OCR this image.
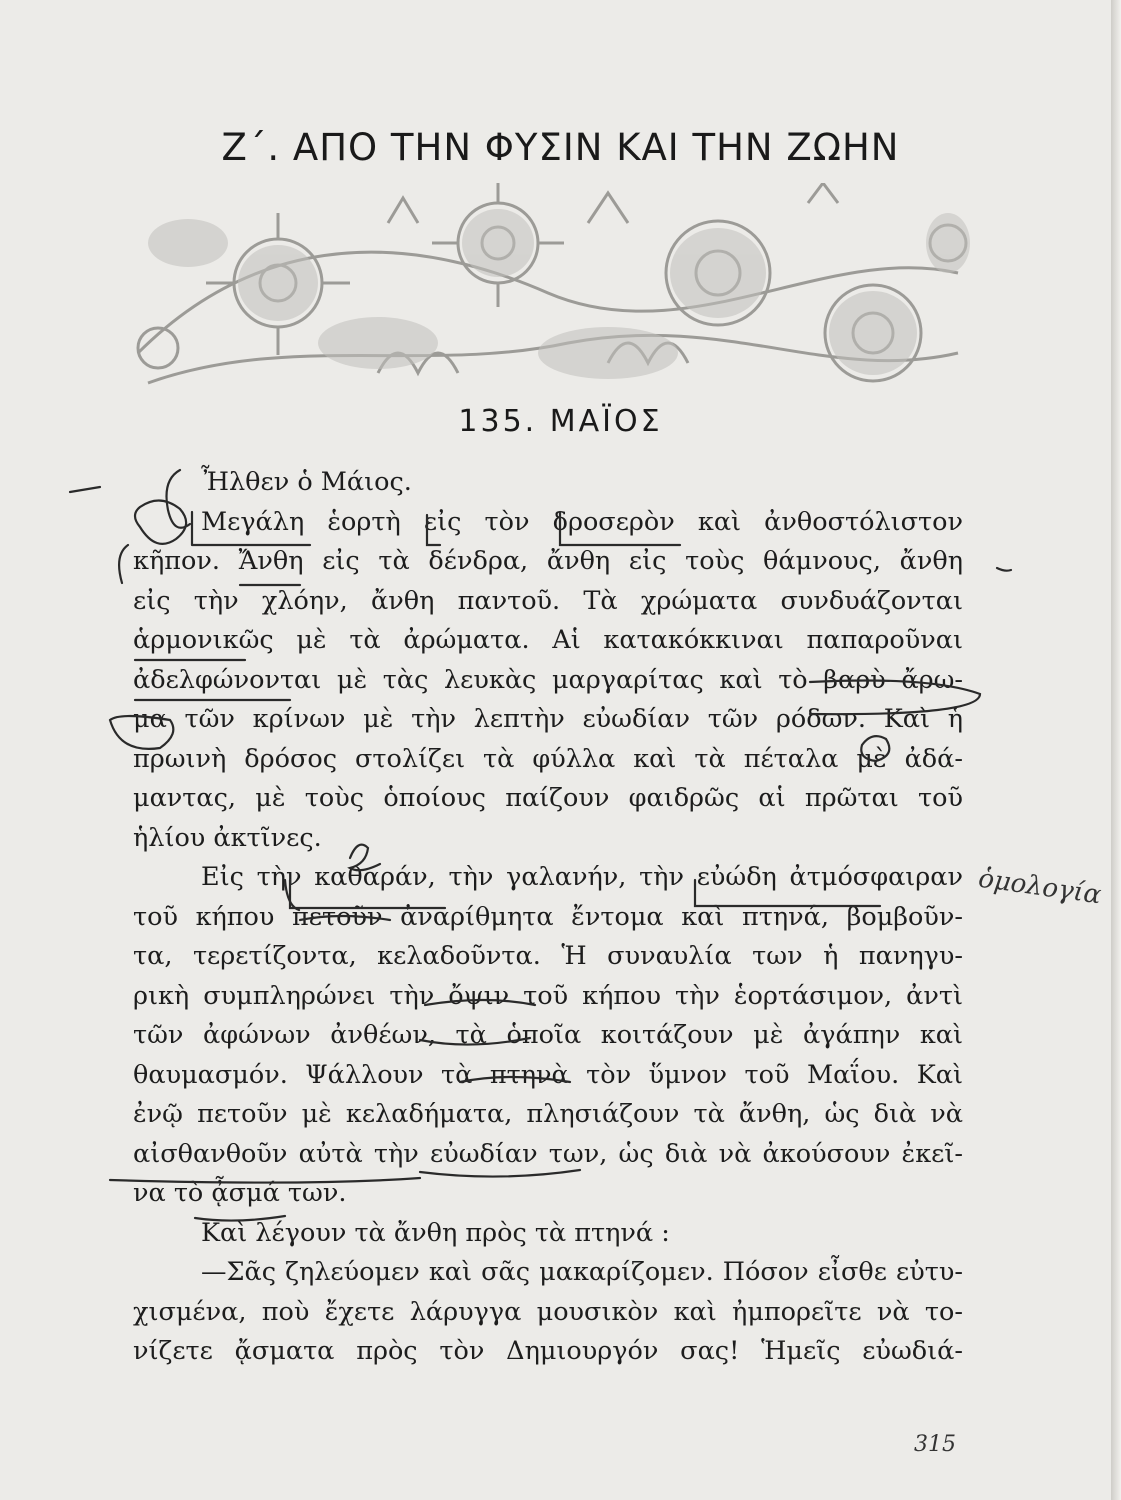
Ζ΄. ΑΠΟ ΤΗΝ ΦΥΣΙΝ ΚΑΙ ΤΗΝ ΖΩΗΝ
135. ΜΑΪΟΣ

Ἦλθεν ὁ Μάιος.

Μεγάλη ἑορτὴ εἰς τὸν δροσερὸν καὶ ἀνθοστόλιστον
κῆπον. Ἄνθη εἰς τὰ δένδρα, ἄνθη εἰς τοὺς θάμνους, ἄνθη
εἰς τὴν χλόην, ἄνθη παντοῦ. Τὰ χρώματα συνδυάζονται
ἁρμονικῶς μὲ τὰ ἀρώματα. Αἱ κατακόκκιναι παπαροῦναι
ἀδελφώνονται μὲ τὰς λευκὰς μαργαρίτας καὶ τὸ βαρὺ ἄρω-
μα τῶν κρίνων μὲ τὴν λεπτὴν εὐωδίαν τῶν ρόδων. Καὶ ἡ
πρωινὴ δρόσος στολίζει τὰ φύλλα καὶ τὰ πέταλα μὲ ἀδά-
μαντας, μὲ τοὺς ὁποίους παίζουν φαιδρῶς αἱ πρῶται τοῦ
ἡλίου ἀκτῖνες.

Εἰς τὴν καθαράν, τὴν γαλανήν, τὴν εὐώδη ἀτμόσφαιραν
τοῦ κήπου πετοῦν ἀναρίθμητα ἔντομα καὶ πτηνά, βομβοῦν-
τα, τερετίζοντα, κελαδοῦντα. Ἡ συναυλία των ἡ πανηγυ-
ρικὴ συμπληρώνει τὴν ὄψιν τοῦ κήπου τὴν ἑορτάσιμον, ἀντὶ
τῶν ἀφώνων ἀνθέων, τὰ ὁποῖα κοιτάζουν μὲ ἀγάπην καὶ
θαυμασμόν. Ψάλλουν τὰ πτηνὰ τὸν ὕμνον τοῦ Μαΐου. Καὶ
ἐνῷ πετοῦν μὲ κελαδήματα, πλησιάζουν τὰ ἄνθη, ὡς διὰ νὰ
αἰσθανθοῦν αὐτὰ τὴν εὐωδίαν των, ὡς διὰ νὰ ἀκούσουν ἐκεῖ-
να τὸ ᾆσμά των.

Καὶ λέγουν τὰ ἄνθη πρὸς τὰ πτηνά :

—Σᾶς ζηλεύομεν καὶ σᾶς μακαρίζομεν. Πόσον εἶσθε εὐτυ-
χισμένα, ποὺ ἔχετε λάρυγγα μουσικὸν καὶ ἠμπορεῖτε νὰ το-
νίζετε ᾄσματα πρὸς τὸν Δημιουργόν σας! Ἡμεῖς εὐωδιά-

ὁμολογία
315
